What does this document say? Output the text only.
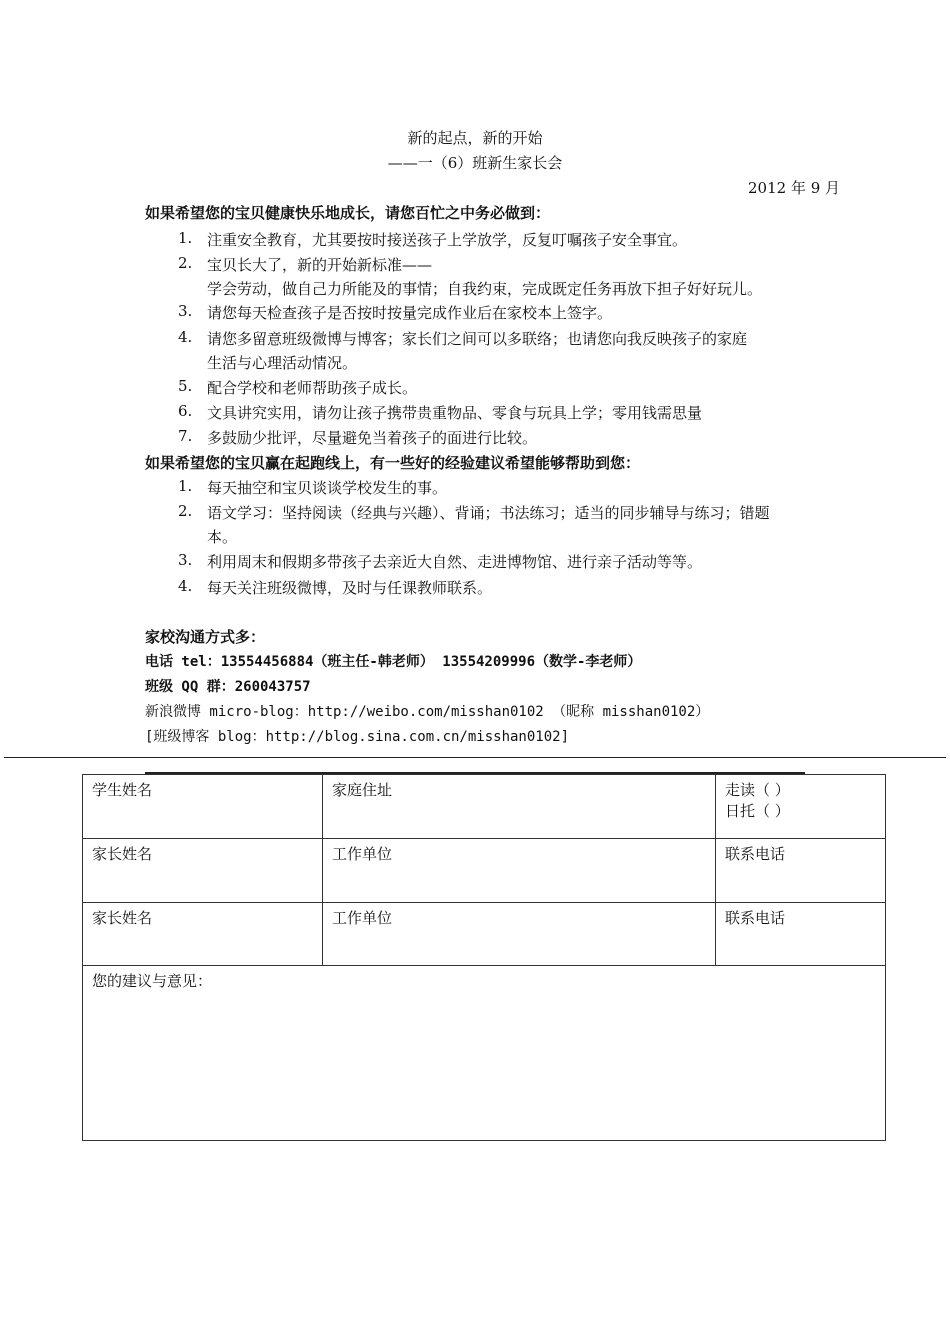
新的起点，新的开始
——一（6）班新生家长会
2012 年 9 月
如果希望您的宝贝健康快乐地成长，请您百忙之中务必做到：
1. 注重安全教育，尤其要按时接送孩子上学放学，反复叮嘱孩子安全事宜。
2. 宝贝长大了，新的开始新标准——
学会劳动，做自己力所能及的事情；自我约束，完成既定任务再放下担子好好玩儿。
3. 请您每天检查孩子是否按时按量完成作业后在家校本上签字。
4. 请您多留意班级微博与博客；家长们之间可以多联络；也请您向我反映孩子的家庭
生活与心理活动情况。
5. 配合学校和老师帮助孩子成长。
6. 文具讲究实用，请勿让孩子携带贵重物品、零食与玩具上学；零用钱需思量
7. 多鼓励少批评，尽量避免当着孩子的面进行比较。
如果希望您的宝贝赢在起跑线上，有一些好的经验建议希望能够帮助到您：
1. 每天抽空和宝贝谈谈学校发生的事。
2. 语文学习：坚持阅读（经典与兴趣）、背诵；书法练习；适当的同步辅导与练习；错题
本。
3. 利用周末和假期多带孩子去亲近大自然、走进博物馆、进行亲子活动等等。
4. 每天关注班级微博，及时与任课教师联系。
家校沟通方式多：
电话 tel：13554456884（班主任-韩老师） 13554209996（数学-李老师）
班级 QQ 群：260043757
新浪微博 micro-blog：http://weibo.com/misshan0102 （昵称 misshan0102）
[班级博客 blog：http://blog.sina.com.cn/misshan0102]
学生姓名	家庭住址	走读（ ）
日托（ ）

家长姓名	工作单位	联系电话
家长姓名	工作单位	联系电话
您的建议与意见：		
